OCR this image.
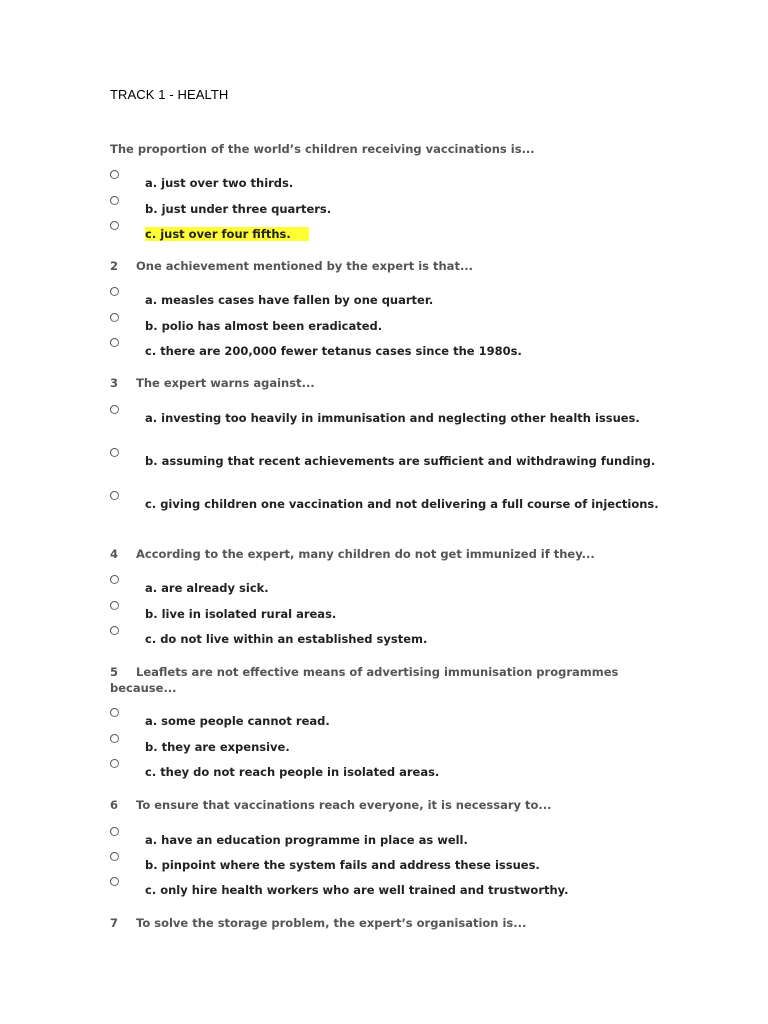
TRACK 1 - HEALTH

The proportion of the world’s children receiving vaccinations is...

a. just over two thirds.
b. just under three quarters.
c. just over four fifths.

2 One achievement mentioned by the expert is that...

a. measles cases have fallen by one quarter.
b. polio has almost been eradicated.
c. there are 200,000 fewer tetanus cases since the 1980s.

3 The expert warns against...

a. investing too heavily in immunisation and neglecting other health issues.
b. assuming that recent achievements are sufficient and withdrawing funding.
c. giving children one vaccination and not delivering a full course of injections.

4 According to the expert, many children do not get immunized if they...

a. are already sick.
b. live in isolated rural areas.
c. do not live within an established system.

5 Leaflets are not effective means of advertising immunisation programmes because...

a. some people cannot read.
b. they are expensive.
c. they do not reach people in isolated areas.

6 To ensure that vaccinations reach everyone, it is necessary to...

a. have an education programme in place as well.
b. pinpoint where the system fails and address these issues.
c. only hire health workers who are well trained and trustworthy.

7 To solve the storage problem, the expert’s organisation is...
